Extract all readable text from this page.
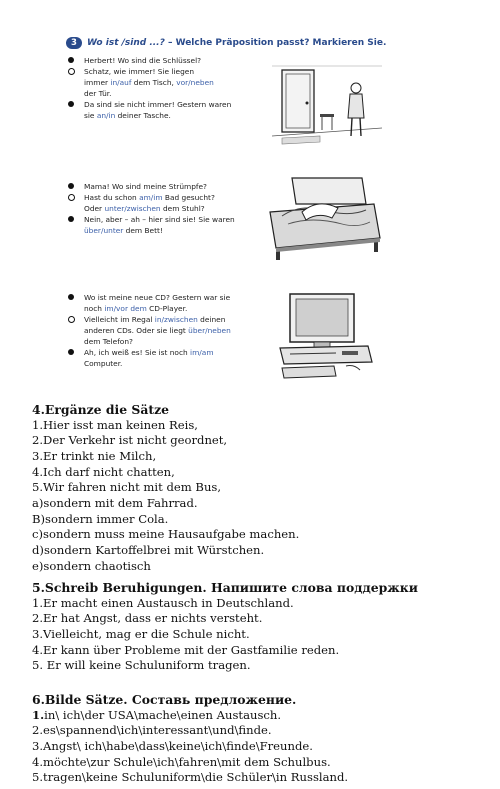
3	Wo ist /sind ...? – Welche Präposition passt? Markieren Sie.
Herbert! Wo sind die Schlüssel?
Schatz, wie immer! Sie liegen
immer in/auf dem Tisch, vor/neben
der Tür.
Da sind sie nicht immer! Gestern waren
sie an/in deiner Tasche.
Mama! Wo sind meine Strümpfe?
Hast du schon am/im Bad gesucht?
Oder unter/zwischen dem Stuhl?
Nein, aber – ah – hier sind sie! Sie waren
über/unter dem Bett!
Wo ist meine neue CD? Gestern war sie
noch im/vor dem CD-Player.
Vielleicht im Regal in/zwischen deinen
anderen CDs. Oder sie liegt über/neben
dem Telefon?
Ah, ich weiß es! Sie ist noch im/am
Computer.
4.Ergänze die Sätze
1.Hier isst man keinen Reis,
2.Der Verkehr ist nicht geordnet,
3.Er trinkt nie Milch,
4.Ich darf nicht chatten,
5.Wir fahren nicht mit dem Bus,
a)sondern mit dem Fahrrad.
B)sondern immer Cola.
c)sondern muss meine Hausaufgabe machen.
d)sondern Kartoffelbrei mit Würstchen.
e)sondern chaotisch
5.Schreib Beruhigungen. Напишите слова поддержки
1.Er macht einen Austausch in Deutschland.
2.Er hat Angst, dass er nichts versteht.
3.Vielleicht, mag er die Schule nicht.
4.Er kann über Probleme mit der Gastfamilie reden.
5. Er will keine Schuluniform tragen.
6.Bilde Sätze. Составь предложение.
1.in\ ich\der USA\mache\einen Austausch.
2.es\spannend\ich\interessant\und\finde.
3.Angst\ ich\habe\dass\keine\ich\finde\Freunde.
4.möchte\zur Schule\ich\fahren\mit dem Schulbus.
5.tragen\keine Schuluniform\die Schüler\in Russland.
